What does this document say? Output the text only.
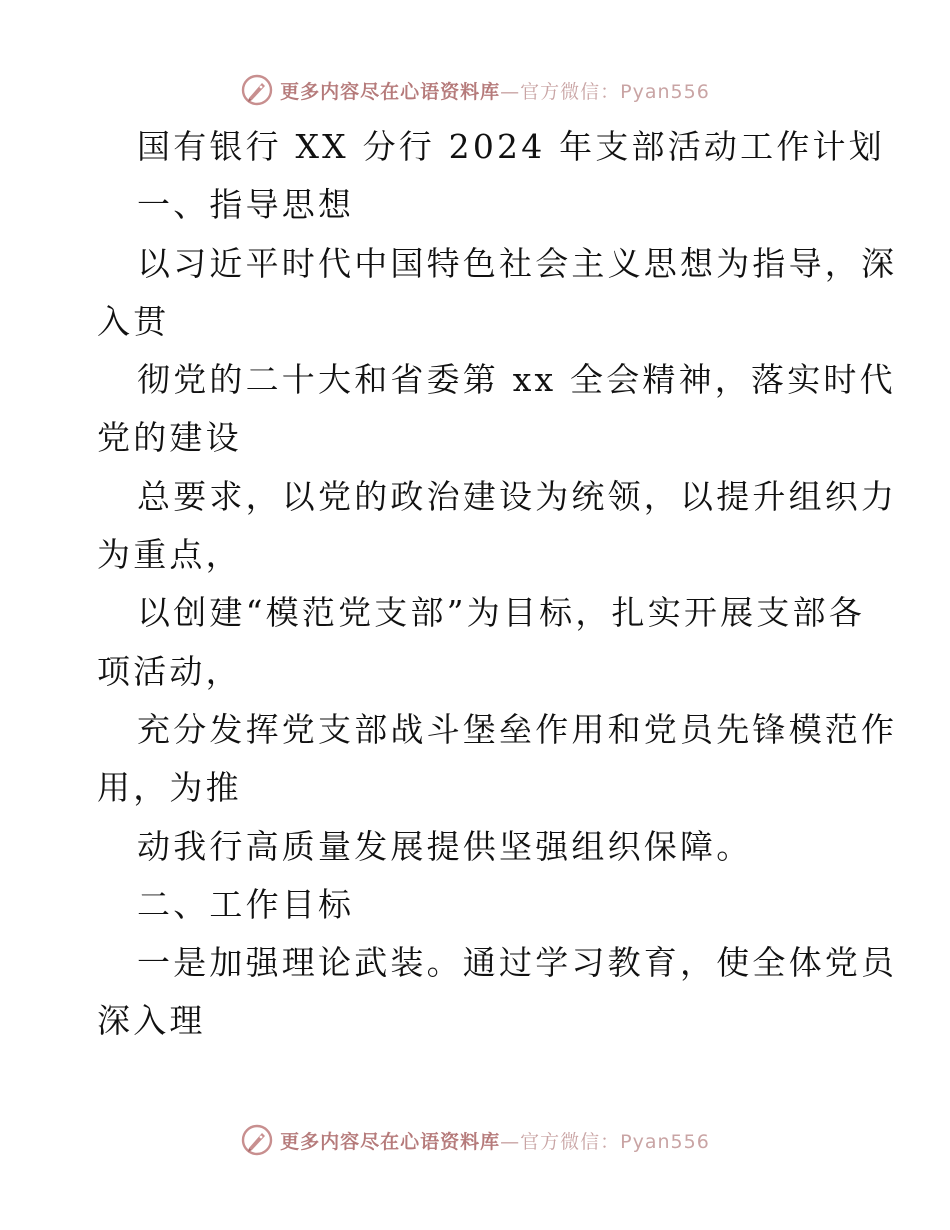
更多内容尽在心语资料库—官方微信：Pyan556
国有银行 XX 分行 2024 年支部活动工作计划
一、指导思想
以习近平时代中国特色社会主义思想为指导，深
入贯
彻党的二十大和省委第 xx 全会精神，落实时代
党的建设
总要求，以党的政治建设为统领，以提升组织力
为重点，
以创建“模范党支部”为目标，扎实开展支部各
项活动，
充分发挥党支部战斗堡垒作用和党员先锋模范作
用，为推
动我行高质量发展提供坚强组织保障。
二、工作目标
一是加强理论武装。通过学习教育，使全体党员
深入理
更多内容尽在心语资料库—官方微信：Pyan556
